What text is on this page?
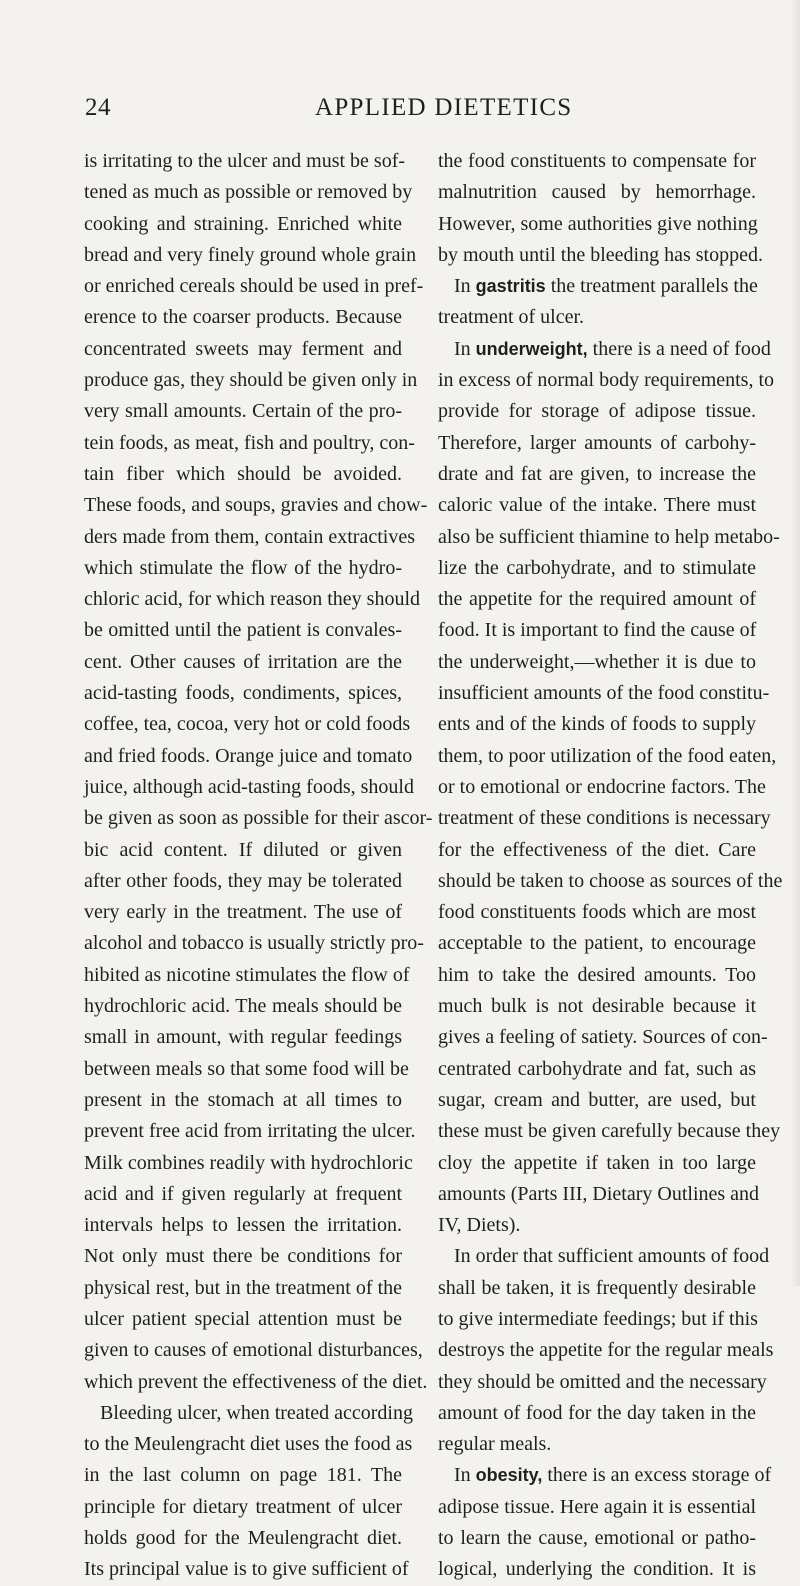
24	APPLIED DIETETICS
is irritating to the ulcer and must be sof-
tened as much as possible or removed by
cooking and straining. Enriched white
bread and very finely ground whole grain
or enriched cereals should be used in pref-
erence to the coarser products. Because
concentrated sweets may ferment and
produce gas, they should be given only in
very small amounts. Certain of the pro-
tein foods, as meat, fish and poultry, con-
tain fiber which should be avoided.
These foods, and soups, gravies and chow-
ders made from them, contain extractives
which stimulate the flow of the hydro-
chloric acid, for which reason they should
be omitted until the patient is convales-
cent. Other causes of irritation are the
acid-tasting foods, condiments, spices,
coffee, tea, cocoa, very hot or cold foods
and fried foods. Orange juice and tomato
juice, although acid-tasting foods, should
be given as soon as possible for their ascor-
bic acid content. If diluted or given
after other foods, they may be tolerated
very early in the treatment. The use of
alcohol and tobacco is usually strictly pro-
hibited as nicotine stimulates the flow of
hydrochloric acid. The meals should be
small in amount, with regular feedings
between meals so that some food will be
present in the stomach at all times to
prevent free acid from irritating the ulcer.
Milk combines readily with hydrochloric
acid and if given regularly at frequent
intervals helps to lessen the irritation.
Not only must there be conditions for
physical rest, but in the treatment of the
ulcer patient special attention must be
given to causes of emotional disturbances,
which prevent the effectiveness of the diet.
Bleeding ulcer, when treated according
to the Meulengracht diet uses the food as
in the last column on page 181. The
principle for dietary treatment of ulcer
holds good for the Meulengracht diet.
Its principal value is to give sufficient of
the food constituents to compensate for
malnutrition caused by hemorrhage.
However, some authorities give nothing
by mouth until the bleeding has stopped.
In gastritis the treatment parallels the
treatment of ulcer.
In underweight, there is a need of food
in excess of normal body requirements, to
provide for storage of adipose tissue.
Therefore, larger amounts of carbohy-
drate and fat are given, to increase the
caloric value of the intake. There must
also be sufficient thiamine to help metabo-
lize the carbohydrate, and to stimulate
the appetite for the required amount of
food. It is important to find the cause of
the underweight,—whether it is due to
insufficient amounts of the food constitu-
ents and of the kinds of foods to supply
them, to poor utilization of the food eaten,
or to emotional or endocrine factors. The
treatment of these conditions is necessary
for the effectiveness of the diet. Care
should be taken to choose as sources of the
food constituents foods which are most
acceptable to the patient, to encourage
him to take the desired amounts. Too
much bulk is not desirable because it
gives a feeling of satiety. Sources of con-
centrated carbohydrate and fat, such as
sugar, cream and butter, are used, but
these must be given carefully because they
cloy the appetite if taken in too large
amounts (Parts III, Dietary Outlines and
IV, Diets).
In order that sufficient amounts of food
shall be taken, it is frequently desirable
to give intermediate feedings; but if this
destroys the appetite for the regular meals
they should be omitted and the necessary
amount of food for the day taken in the
regular meals.
In obesity, there is an excess storage of
adipose tissue. Here again it is essential
to learn the cause, emotional or patho-
logical, underlying the condition. It is
